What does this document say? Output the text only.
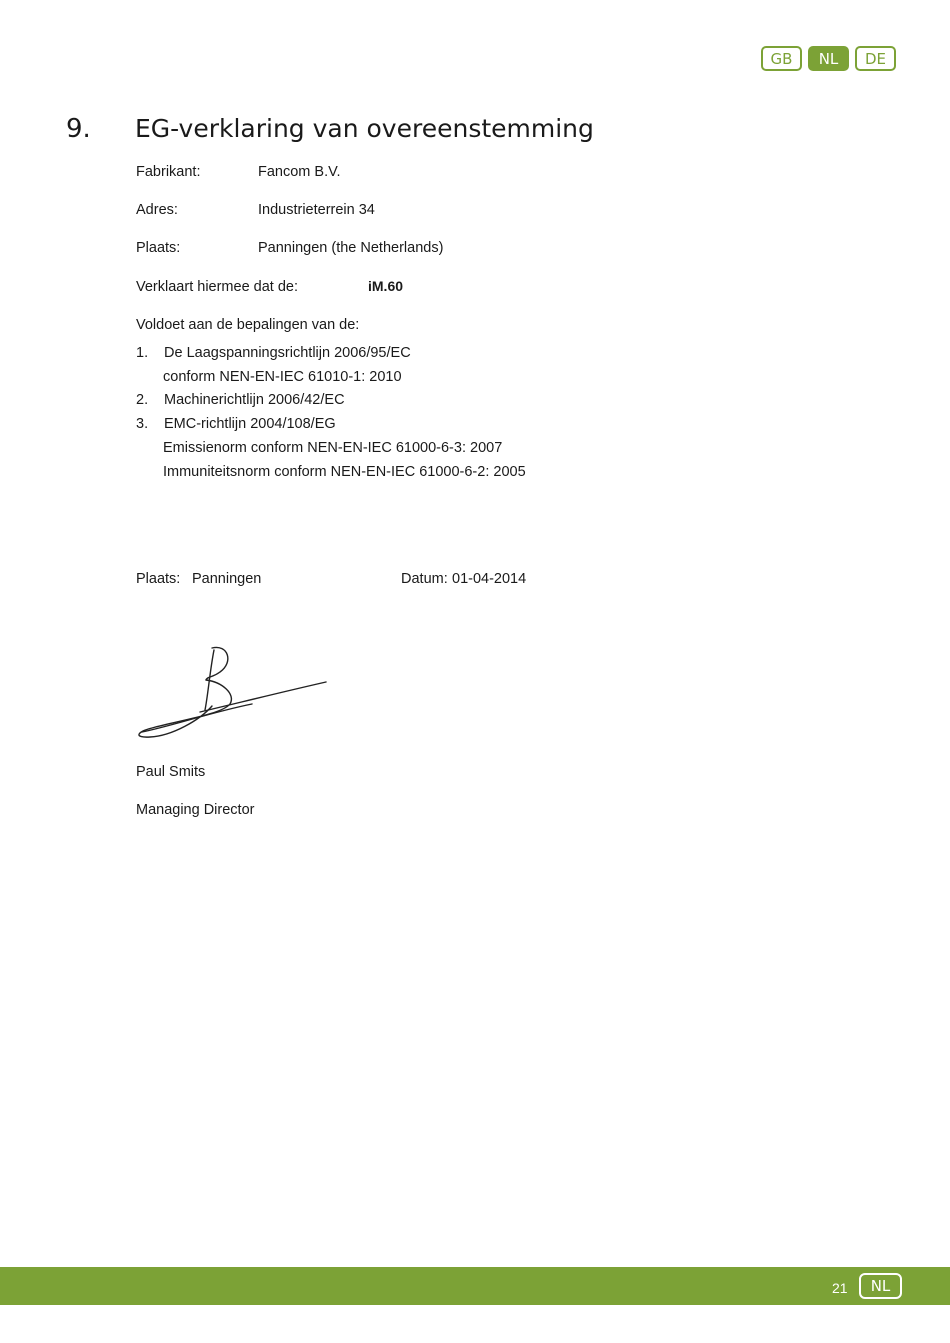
GB	NL	DE
9. EG-verklaring van overeenstemming
Fabrikant:	Fancom B.V.
Adres:	Industrieterrein 34
Plaats:	Panningen (the Netherlands)
Verklaart hiermee dat de:	iM.60
Voldoet aan de bepalingen van de:
1. De Laagspanningsrichtlijn 2006/95/EC
conform NEN-EN-IEC 61010-1: 2010
2. Machinerichtlijn 2006/42/EC
3. EMC-richtlijn 2004/108/EG
Emissienorm conform NEN-EN-IEC 61000-6-3: 2007
Immuniteitsnorm conform NEN-EN-IEC 61000-6-2: 2005
Plaats: Panningen	Datum: 01-04-2014
Paul Smits
Managing Director
21	NL
